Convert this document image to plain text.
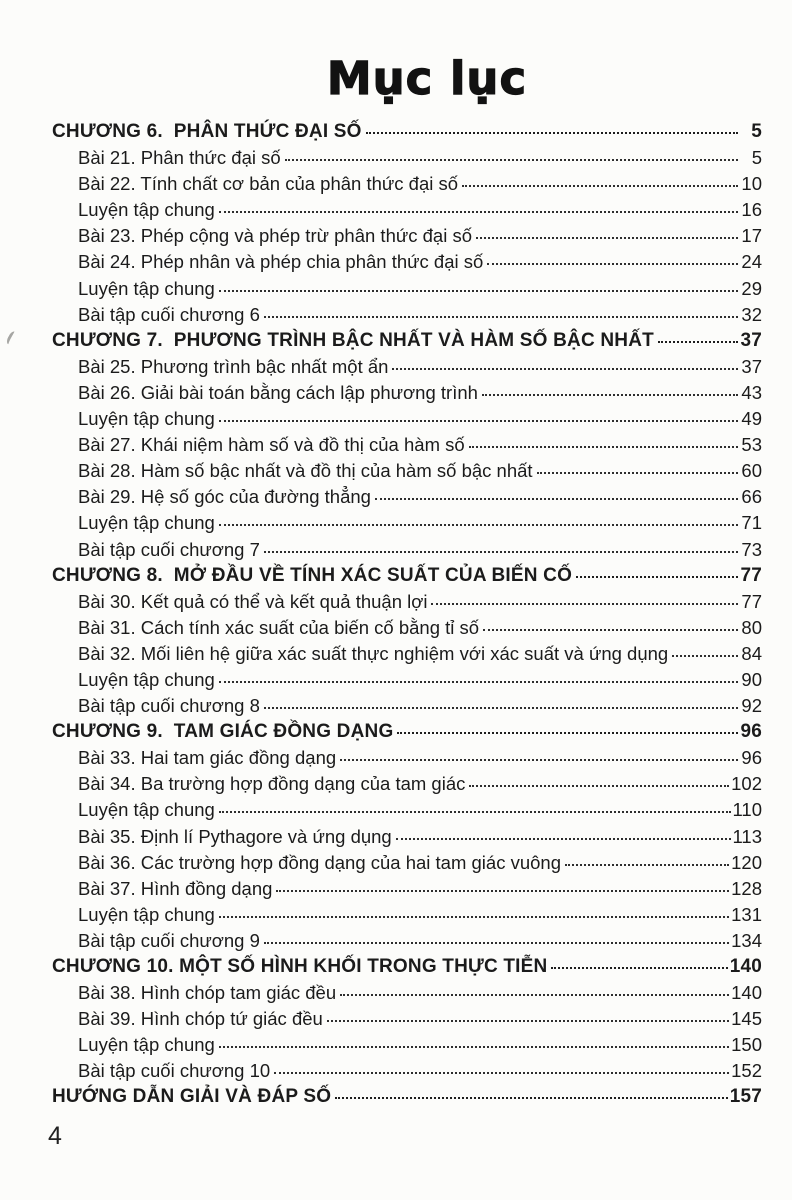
Mục lục
CHƯƠNG 6.  PHÂN THỨC ĐẠI SỐ	5
Bài 21. Phân thức đại số	5
Bài 22. Tính chất cơ bản của phân thức đại số	10
Luyện tập chung	16
Bài 23. Phép cộng và phép trừ phân thức đại số	17
Bài 24. Phép nhân và phép chia phân thức đại số	24
Luyện tập chung	29
Bài tập cuối chương 6	32
CHƯƠNG 7.  PHƯƠNG TRÌNH BẬC NHẤT VÀ HÀM SỐ BẬC NHẤT	37
Bài 25. Phương trình bậc nhất một ẩn	37
Bài 26. Giải bài toán bằng cách lập phương trình	43
Luyện tập chung	49
Bài 27. Khái niệm hàm số và đồ thị của hàm số	53
Bài 28. Hàm số bậc nhất và đồ thị của hàm số bậc nhất	60
Bài 29. Hệ số góc của đường thẳng	66
Luyện tập chung	71
Bài tập cuối chương 7	73
CHƯƠNG 8.  MỞ ĐẦU VỀ TÍNH XÁC SUẤT CỦA BIẾN CỐ	77
Bài 30. Kết quả có thể và kết quả thuận lợi	77
Bài 31. Cách tính xác suất của biến cố bằng tỉ số	80
Bài 32. Mối liên hệ giữa xác suất thực nghiệm với xác suất và ứng dụng	84
Luyện tập chung	90
Bài tập cuối chương 8	92
CHƯƠNG 9.  TAM GIÁC ĐỒNG DẠNG	96
Bài 33. Hai tam giác đồng dạng	96
Bài 34. Ba trường hợp đồng dạng của tam giác	102
Luyện tập chung	110
Bài 35. Định lí Pythagore và ứng dụng	113
Bài 36. Các trường hợp đồng dạng của hai tam giác vuông	120
Bài 37. Hình đồng dạng	128
Luyện tập chung	131
Bài tập cuối chương 9	134
CHƯƠNG 10. MỘT SỐ HÌNH KHỐI TRONG THỰC TIỄN	140
Bài 38. Hình chóp tam giác đều	140
Bài 39. Hình chóp tứ giác đều	145
Luyện tập chung	150
Bài tập cuối chương 10	152
HƯỚNG DẪN GIẢI VÀ ĐÁP SỐ	157
4
